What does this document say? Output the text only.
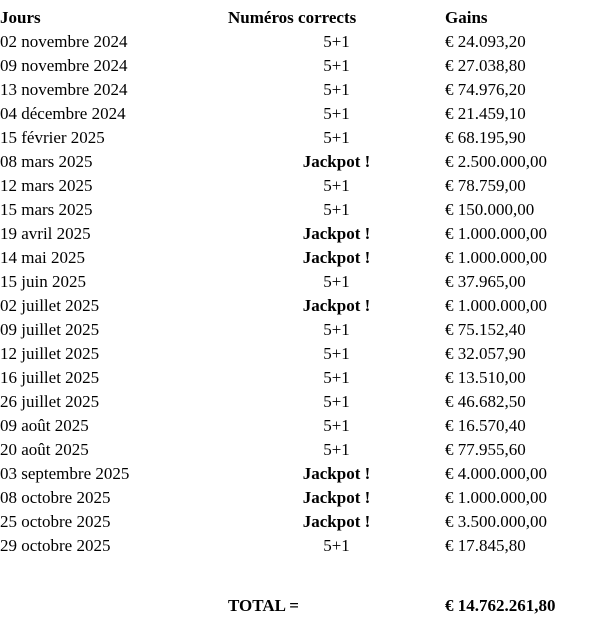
Jours	Numéros corrects	Gains
02 novembre 2024	5+1	€ 24.093,20
09 novembre 2024	5+1	€ 27.038,80
13 novembre 2024	5+1	€ 74.976,20
04 décembre 2024	5+1	€ 21.459,10
15 février 2025	5+1	€ 68.195,90
08 mars 2025	Jackpot !	€ 2.500.000,00
12 mars 2025	5+1	€ 78.759,00
15 mars 2025	5+1	€ 150.000,00
19 avril 2025	Jackpot !	€ 1.000.000,00
14 mai 2025	Jackpot !	€ 1.000.000,00
15 juin 2025	5+1	€ 37.965,00
02 juillet 2025	Jackpot !	€ 1.000.000,00
09 juillet 2025	5+1	€ 75.152,40
12 juillet 2025	5+1	€ 32.057,90
16 juillet 2025	5+1	€ 13.510,00
26 juillet 2025	5+1	€ 46.682,50
09 août 2025	5+1	€ 16.570,40
20 août 2025	5+1	€ 77.955,60
03 septembre 2025	Jackpot !	€ 4.000.000,00
08 octobre 2025	Jackpot !	€ 1.000.000,00
25 octobre 2025	Jackpot !	€ 3.500.000,00
29 octobre 2025	5+1	€ 17.845,80

	TOTAL =	€ 14.762.261,80
